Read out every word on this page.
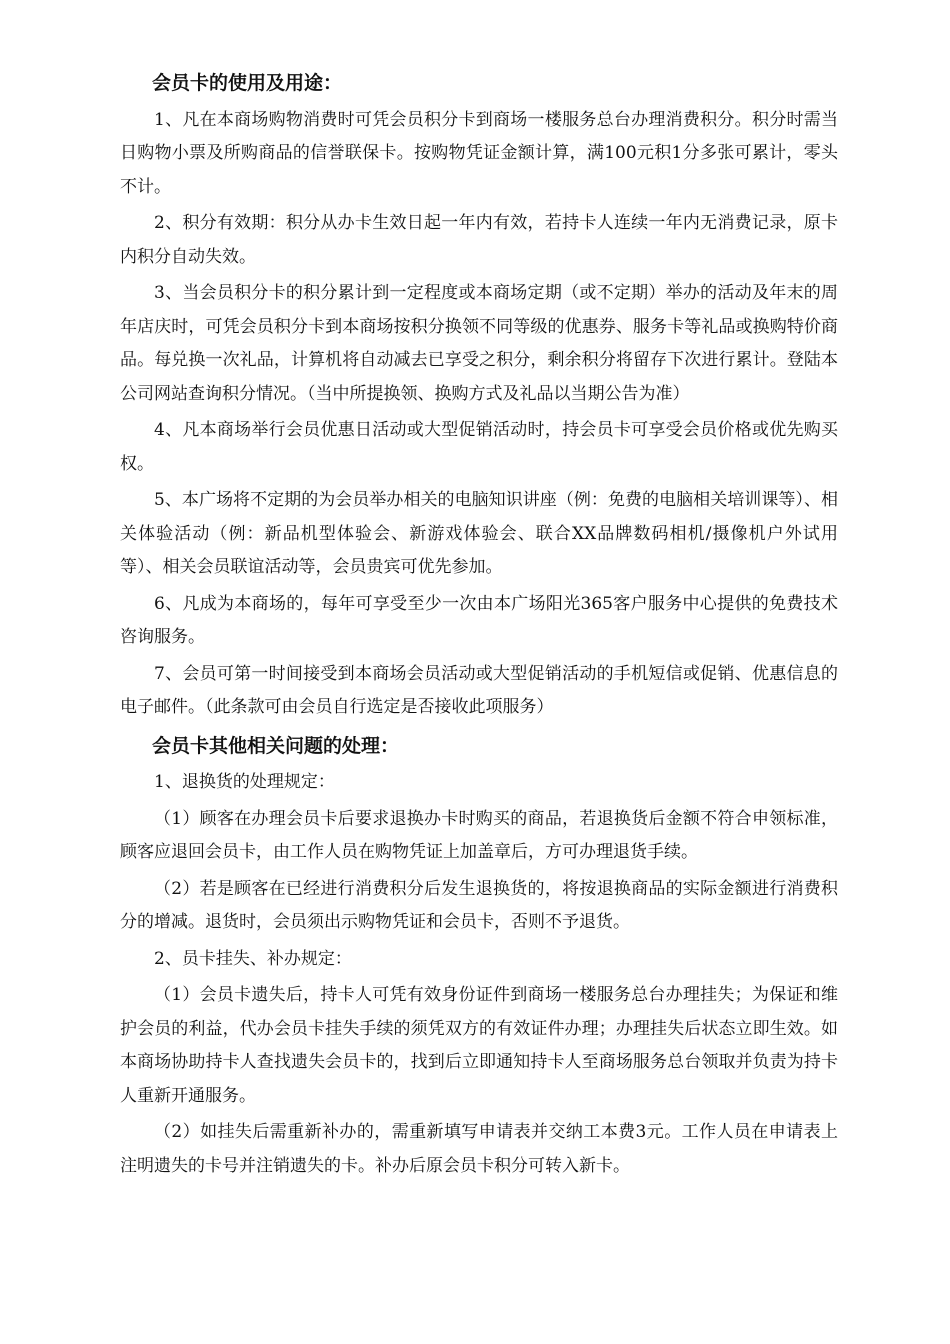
会员卡的使用及用途：

1、凡在本商场购物消费时可凭会员积分卡到商场一楼服务总台办理消费积分。积分时需当日购物小票及所购商品的信誉联保卡。按购物凭证金额计算，满100元积1分多张可累计，零头不计。

2、积分有效期：积分从办卡生效日起一年内有效，若持卡人连续一年内无消费记录，原卡内积分自动失效。

3、当会员积分卡的积分累计到一定程度或本商场定期（或不定期）举办的活动及年末的周年店庆时，可凭会员积分卡到本商场按积分换领不同等级的优惠券、服务卡等礼品或换购特价商品。每兑换一次礼品，计算机将自动减去已享受之积分，剩余积分将留存下次进行累计。登陆本公司网站查询积分情况。（当中所提换领、换购方式及礼品以当期公告为准）

4、凡本商场举行会员优惠日活动或大型促销活动时，持会员卡可享受会员价格或优先购买权。

5、本广场将不定期的为会员举办相关的电脑知识讲座（例：免费的电脑相关培训课等）、相关体验活动（例：新品机型体验会、新游戏体验会、联合XX品牌数码相机/摄像机户外试用等）、相关会员联谊活动等，会员贵宾可优先参加。

6、凡成为本商场的，每年可享受至少一次由本广场阳光365客户服务中心提供的免费技术咨询服务。

7、会员可第一时间接受到本商场会员活动或大型促销活动的手机短信或促销、优惠信息的电子邮件。（此条款可由会员自行选定是否接收此项服务）

会员卡其他相关问题的处理：

1、退换货的处理规定：

（1）顾客在办理会员卡后要求退换办卡时购买的商品，若退换货后金额不符合申领标准，顾客应退回会员卡，由工作人员在购物凭证上加盖章后，方可办理退货手续。

（2）若是顾客在已经进行消费积分后发生退换货的，将按退换商品的实际金额进行消费积分的增减。退货时，会员须出示购物凭证和会员卡，否则不予退货。

2、员卡挂失、补办规定：

（1）会员卡遗失后，持卡人可凭有效身份证件到商场一楼服务总台办理挂失；为保证和维护会员的利益，代办会员卡挂失手续的须凭双方的有效证件办理；办理挂失后状态立即生效。如本商场协助持卡人查找遗失会员卡的，找到后立即通知持卡人至商场服务总台领取并负责为持卡人重新开通服务。

（2）如挂失后需重新补办的，需重新填写申请表并交纳工本费3元。工作人员在申请表上注明遗失的卡号并注销遗失的卡。补办后原会员卡积分可转入新卡。
